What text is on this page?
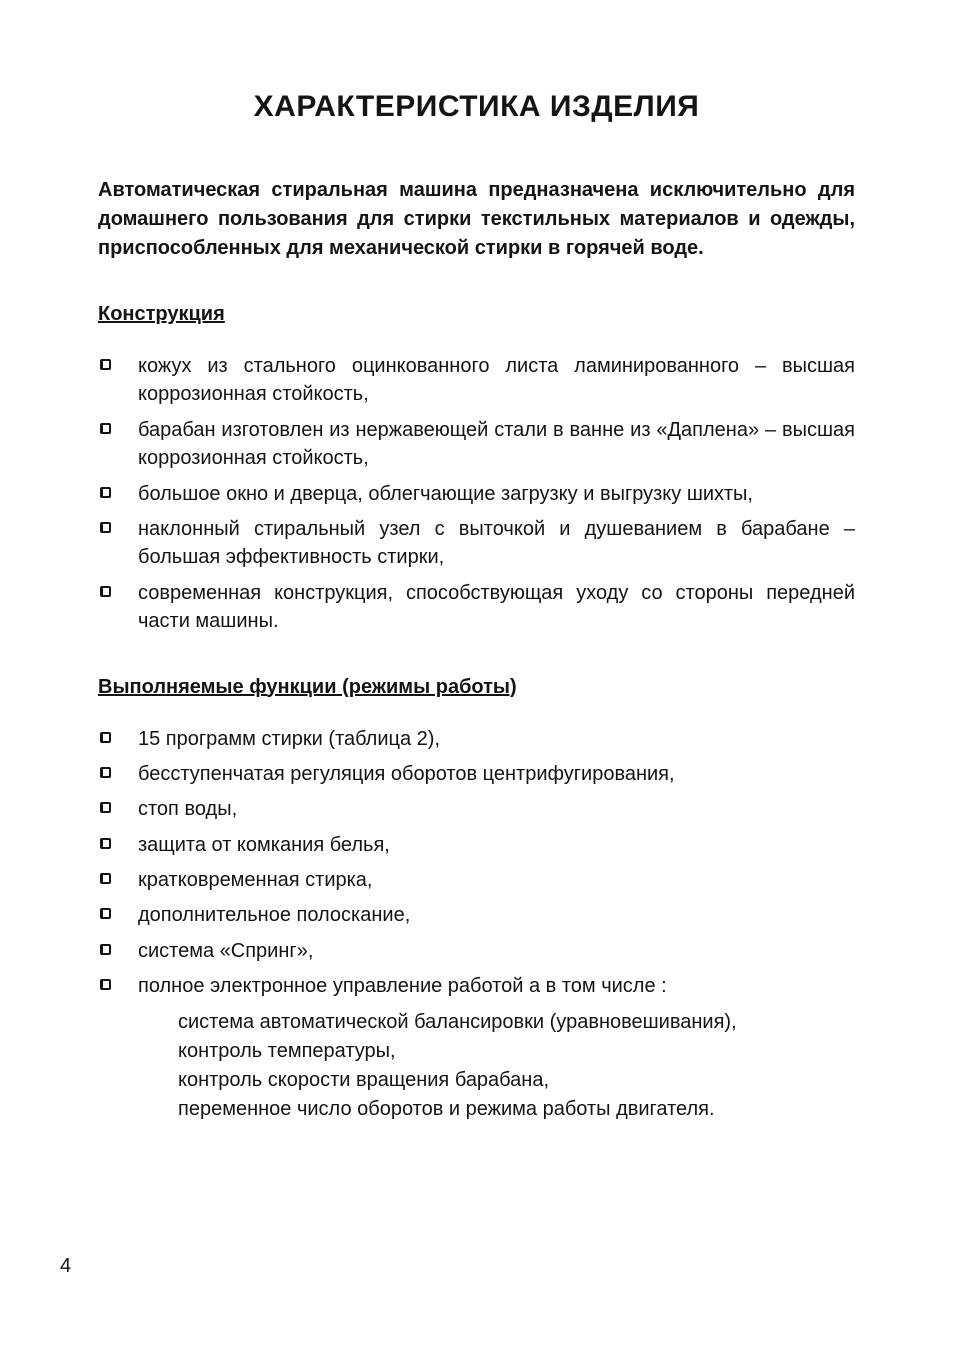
ХАРАКТЕРИСТИКА ИЗДЕЛИЯ

Автоматическая стиральная машина предназначена исключительно для домашнего пользования для стирки текстильных материалов и одежды, приспособленных для механической стирки в горячей воде.

Конструкция
кожух из стального оцинкованного листа ламинированного – высшая коррозионная стойкость,
барабан изготовлен из нержавеющей стали в ванне из «Даплена» – высшая коррозионная стойкость,
большое окно и дверца, облегчающие загрузку и выгрузку шихты,
наклонный стиральный узел с выточкой и душеванием в барабане – большая эффективность стирки,
современная конструкция, способствующая уходу со стороны передней части машины.
Выполняемые функции (режимы работы)
15 программ стирки (таблица 2),
бесступенчатая регуляция оборотов центрифугирования,
стоп воды,
защита от комкания белья,
кратковременная стирка,
дополнительное полоскание,
система «Спринг»,
полное электронное управление работой а в том числе :
система автоматической балансировки (уравновешивания),
контроль температуры,
контроль скорости вращения барабана,
переменное число оборотов и режима работы двигателя.
4
